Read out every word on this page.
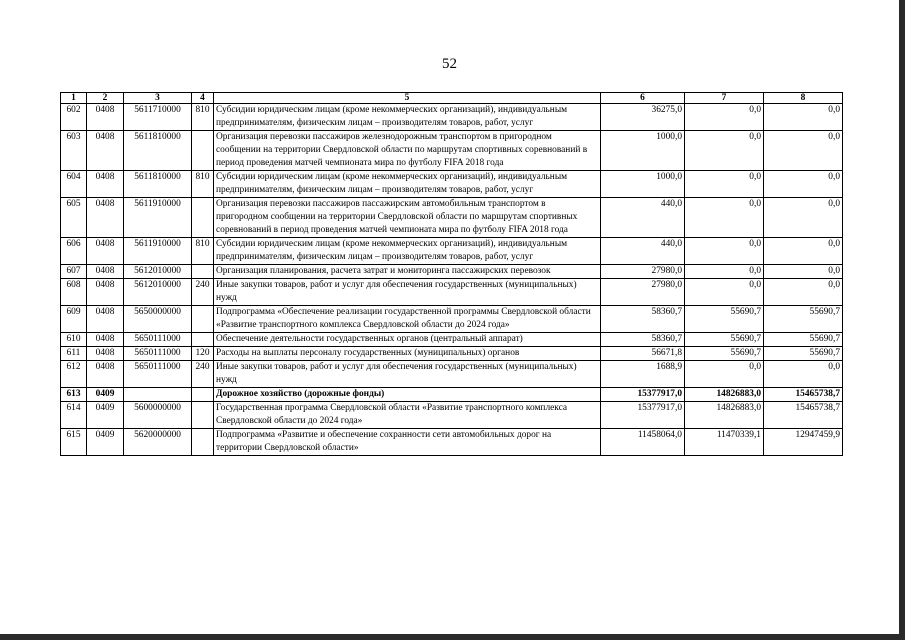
52
1	2	3	4	5	6	7	8
602	0408	5611710000	810	Субсидии юридическим лицам (кроме некоммерческих организаций), индивидуальным предпринимателям, физическим лицам – производителям товаров, работ, услуг	36275,0	0,0	0,0
603	0408	5611810000		Организация перевозки пассажиров железнодорожным транспортом в пригородном сообщении на территории Свердловской области по маршрутам спортивных соревнований в период проведения матчей чемпионата мира по футболу FIFA 2018 года	1000,0	0,0	0,0
604	0408	5611810000	810	Субсидии юридическим лицам (кроме некоммерческих организаций), индивидуальным предпринимателям, физическим лицам – производителям товаров, работ, услуг	1000,0	0,0	0,0
605	0408	5611910000		Организация перевозки пассажиров пассажирским автомобильным транспортом в пригородном сообщении на территории Свердловской области по маршрутам спортивных соревнований в период проведения матчей чемпионата мира по футболу FIFA 2018 года	440,0	0,0	0,0
606	0408	5611910000	810	Субсидии юридическим лицам (кроме некоммерческих организаций), индивидуальным предпринимателям, физическим лицам – производителям товаров, работ, услуг	440,0	0,0	0,0
607	0408	5612010000		Организация планирования, расчета затрат и мониторинга пассажирских перевозок	27980,0	0,0	0,0
608	0408	5612010000	240	Иные закупки товаров, работ и услуг для обеспечения государственных (муниципальных) нужд	27980,0	0,0	0,0
609	0408	5650000000		Подпрограмма «Обеспечение реализации государственной программы Свердловской области «Развитие транспортного комплекса Свердловской области до 2024 года»	58360,7	55690,7	55690,7
610	0408	5650111000		Обеспечение деятельности государственных органов (центральный аппарат)	58360,7	55690,7	55690,7
611	0408	5650111000	120	Расходы на выплаты персоналу государственных (муниципальных) органов	56671,8	55690,7	55690,7
612	0408	5650111000	240	Иные закупки товаров, работ и услуг для обеспечения государственных (муниципальных) нужд	1688,9	0,0	0,0
613	0409			Дорожное хозяйство (дорожные фонды)	15377917,0	14826883,0	15465738,7
614	0409	5600000000		Государственная программа Свердловской области «Развитие транспортного комплекса Свердловской области до 2024 года»	15377917,0	14826883,0	15465738,7
615	0409	5620000000		Подпрограмма «Развитие и обеспечение сохранности сети автомобильных дорог на территории Свердловской области»	11458064,0	11470339,1	12947459,9
